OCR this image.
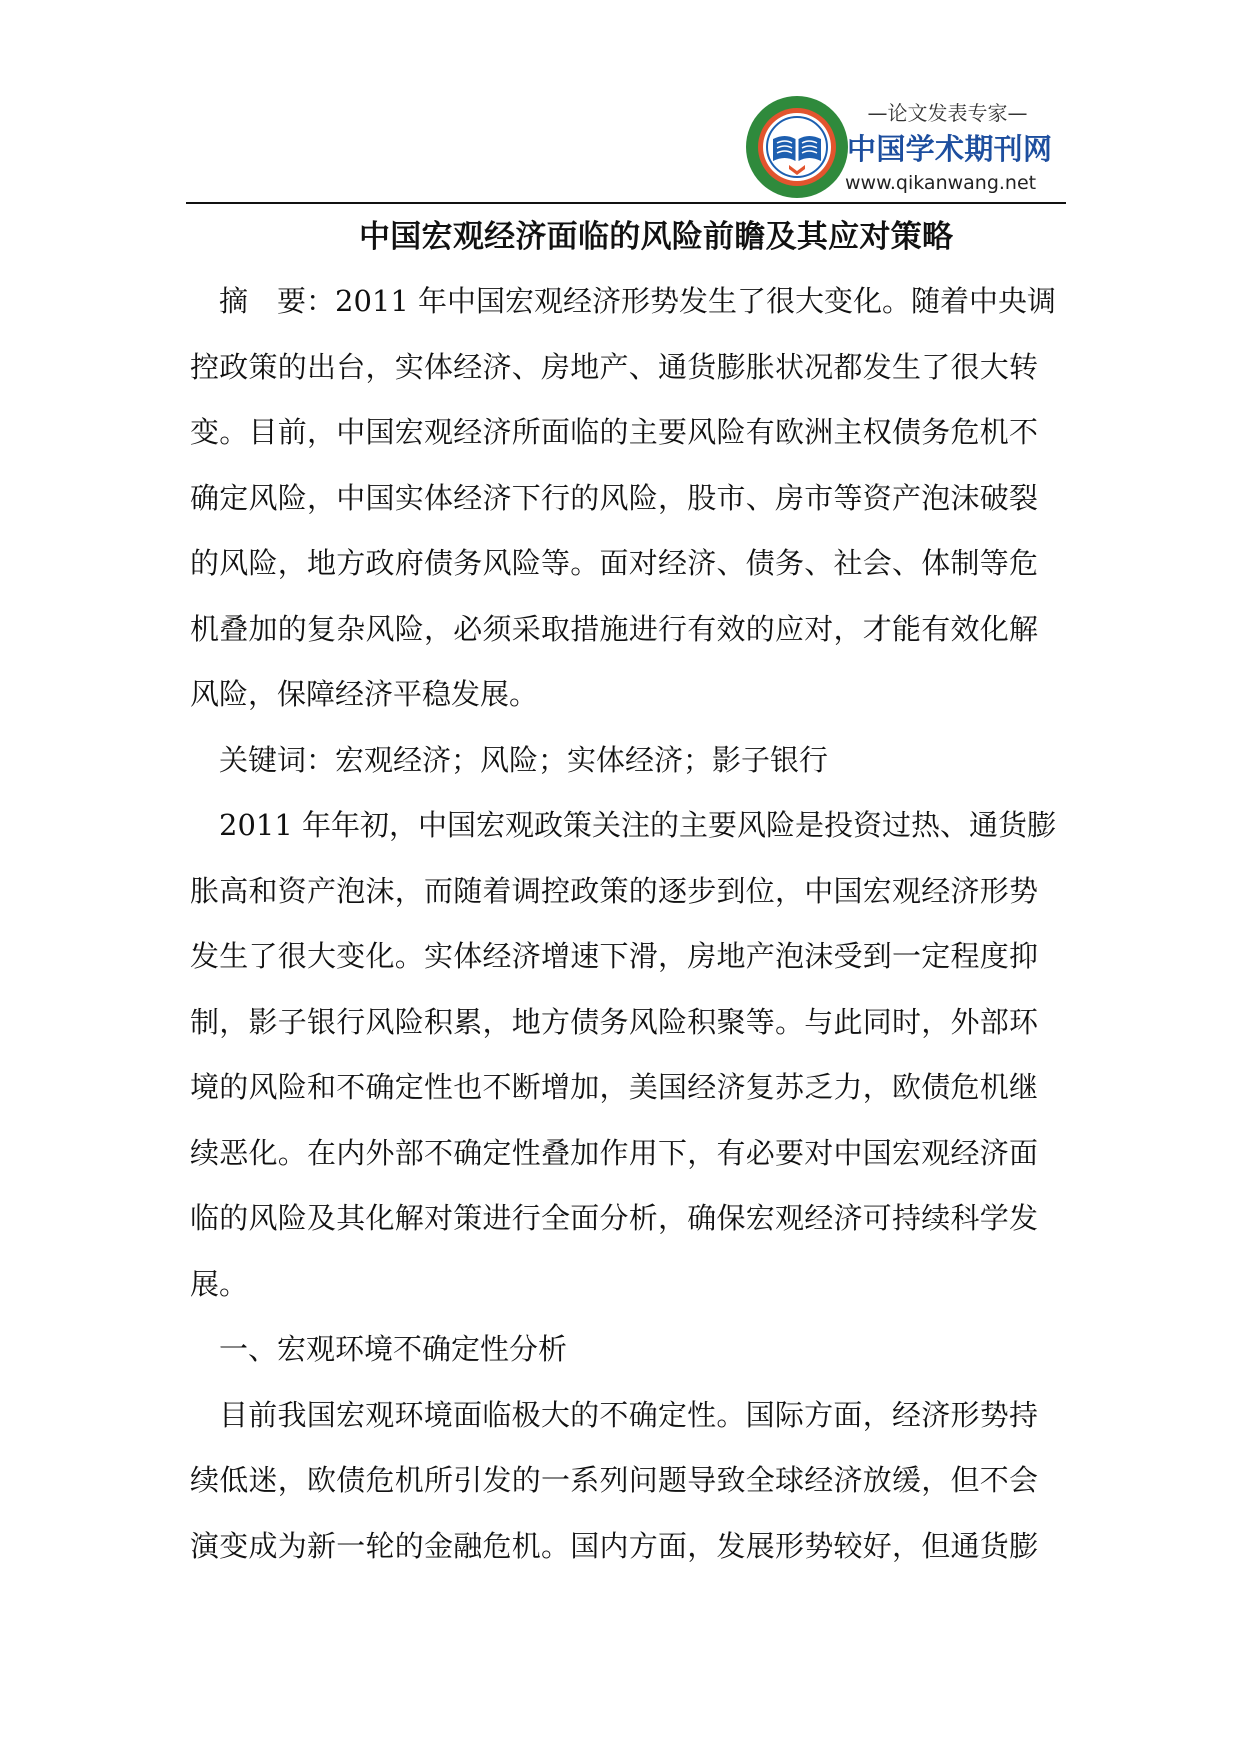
—论文发表专家—
中国学术期刊网
www.qikanwang.net
中国宏观经济面临的风险前瞻及其应对策略
摘　要：2011 年中国宏观经济形势发生了很大变化。随着中央调
控政策的出台，实体经济、房地产、通货膨胀状况都发生了很大转
变。目前，中国宏观经济所面临的主要风险有欧洲主权债务危机不
确定风险，中国实体经济下行的风险，股市、房市等资产泡沫破裂
的风险，地方政府债务风险等。面对经济、债务、社会、体制等危
机叠加的复杂风险，必须采取措施进行有效的应对，才能有效化解
风险，保障经济平稳发展。
关键词：宏观经济；风险；实体经济；影子银行
2011 年年初，中国宏观政策关注的主要风险是投资过热、通货膨
胀高和资产泡沫，而随着调控政策的逐步到位，中国宏观经济形势
发生了很大变化。实体经济增速下滑，房地产泡沫受到一定程度抑
制，影子银行风险积累，地方债务风险积聚等。与此同时，外部环
境的风险和不确定性也不断增加，美国经济复苏乏力，欧债危机继
续恶化。在内外部不确定性叠加作用下，有必要对中国宏观经济面
临的风险及其化解对策进行全面分析，确保宏观经济可持续科学发
展。
一、宏观环境不确定性分析
目前我国宏观环境面临极大的不确定性。国际方面，经济形势持
续低迷，欧债危机所引发的一系列问题导致全球经济放缓，但不会
演变成为新一轮的金融危机。国内方面，发展形势较好，但通货膨
